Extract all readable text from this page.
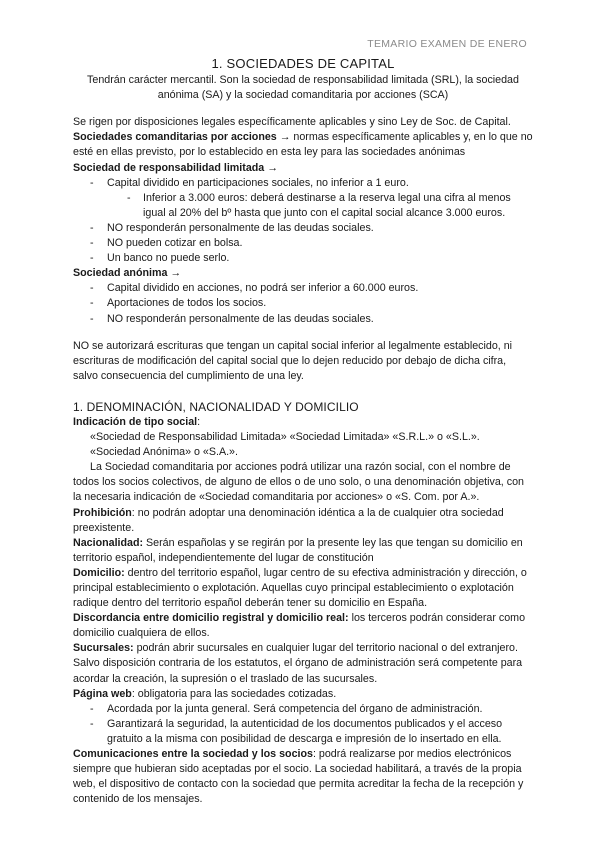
TEMARIO EXAMEN DE ENERO

1. SOCIEDADES DE CAPITAL

Tendrán carácter mercantil. Son la sociedad de responsabilidad limitada (SRL), la sociedad anónima (SA) y la sociedad comanditaria por acciones (SCA)

Se rigen por disposiciones legales específicamente aplicables y sino Ley de Soc. de Capital.

Sociedades comanditarias por acciones → normas específicamente aplicables y, en lo que no esté en ellas previsto, por lo establecido en esta ley para las sociedades anónimas

Sociedad de responsabilidad limitada →

- Capital dividido en participaciones sociales, no inferior a 1 euro.
- Inferior a 3.000 euros: deberá destinarse a la reserva legal una cifra al menos igual al 20% del bº hasta que junto con el capital social alcance 3.000 euros.
- NO responderán personalmente de las deudas sociales.
- NO pueden cotizar en bolsa.
- Un banco no puede serlo.

Sociedad anónima →

- Capital dividido en acciones, no podrá ser inferior a 60.000 euros.
- Aportaciones de todos los socios.
- NO responderán personalmente de las deudas sociales.

NO se autorizará escrituras que tengan un capital social inferior al legalmente establecido, ni escrituras de modificación del capital social que lo dejen reducido por debajo de dicha cifra, salvo consecuencia del cumplimiento de una ley.

1. DENOMINACIÓN, NACIONALIDAD Y DOMICILIO

Indicación de tipo social:

«Sociedad de Responsabilidad Limitada» «Sociedad Limitada» «S.R.L.» o «S.L.».

«Sociedad Anónima» o «S.A.».

La Sociedad comanditaria por acciones podrá utilizar una razón social, con el nombre de todos los socios colectivos, de alguno de ellos o de uno solo, o una denominación objetiva, con la necesaria indicación de «Sociedad comanditaria por acciones» o «S. Com. por A.».

Prohibición: no podrán adoptar una denominación idéntica a la de cualquier otra sociedad preexistente.

Nacionalidad: Serán españolas y se regirán por la presente ley las que tengan su domicilio en territorio español, independientemente del lugar de constitución

Domicilio: dentro del territorio español, lugar centro de su efectiva administración y dirección, o principal establecimiento o explotación. Aquellas cuyo principal establecimiento o explotación radique dentro del territorio español deberán tener su domicilio en España.

Discordancia entre domicilio registral y domicilio real: los terceros podrán considerar como domicilio cualquiera de ellos.

Sucursales: podrán abrir sucursales en cualquier lugar del territorio nacional o del extranjero. Salvo disposición contraria de los estatutos, el órgano de administración será competente para acordar la creación, la supresión o el traslado de las sucursales.

Página web: obligatoria para las sociedades cotizadas.

- Acordada por la junta general. Será competencia del órgano de administración.
- Garantizará la seguridad, la autenticidad de los documentos publicados y el acceso gratuito a la misma con posibilidad de descarga e impresión de lo insertado en ella.

Comunicaciones entre la sociedad y los socios: podrá realizarse por medios electrónicos siempre que hubieran sido aceptadas por el socio. La sociedad habilitará, a través de la propia web, el dispositivo de contacto con la sociedad que permita acreditar la fecha de la recepción y contenido de los mensajes.
